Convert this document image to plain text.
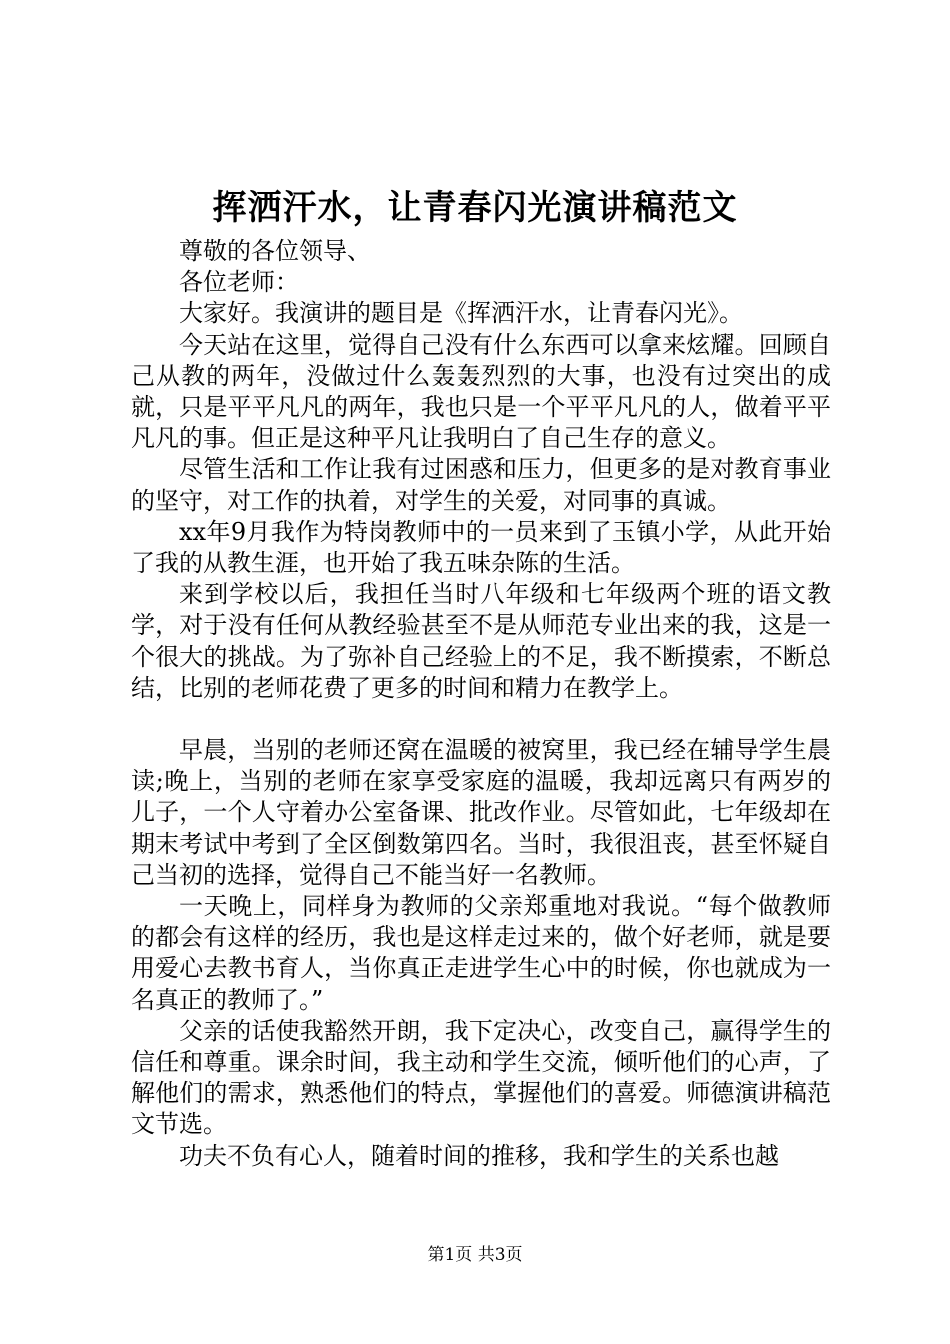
挥洒汗水，让青春闪光演讲稿范文

尊敬的各位领导、

各位老师：

大家好。我演讲的题目是《挥洒汗水，让青春闪光》。

今天站在这里，觉得自己没有什么东西可以拿来炫耀。回顾自己从教的两年，没做过什么轰轰烈烈的大事，也没有过突出的成就，只是平平凡凡的两年，我也只是一个平平凡凡的人，做着平平凡凡的事。但正是这种平凡让我明白了自己生存的意义。

尽管生活和工作让我有过困惑和压力，但更多的是对教育事业的坚守，对工作的执着，对学生的关爱，对同事的真诚。

xx年9月我作为特岗教师中的一员来到了玉镇小学，从此开始了我的从教生涯，也开始了我五味杂陈的生活。

来到学校以后，我担任当时八年级和七年级两个班的语文教学，对于没有任何从教经验甚至不是从师范专业出来的我，这是一个很大的挑战。为了弥补自己经验上的不足，我不断摸索，不断总结，比别的老师花费了更多的时间和精力在教学上。

早晨，当别的老师还窝在温暖的被窝里，我已经在辅导学生晨读;晚上，当别的老师在家享受家庭的温暖，我却远离只有两岁的儿子，一个人守着办公室备课、批改作业。尽管如此，七年级却在期末考试中考到了全区倒数第四名。当时，我很沮丧，甚至怀疑自己当初的选择，觉得自己不能当好一名教师。

一天晚上，同样身为教师的父亲郑重地对我说。“每个做教师的都会有这样的经历，我也是这样走过来的，做个好老师，就是要用爱心去教书育人，当你真正走进学生心中的时候，你也就成为一名真正的教师了。”

父亲的话使我豁然开朗，我下定决心，改变自己，赢得学生的信任和尊重。课余时间，我主动和学生交流，倾听他们的心声，了解他们的需求，熟悉他们的特点，掌握他们的喜爱。师德演讲稿范文节选。

功夫不负有心人，随着时间的推移，我和学生的关系也越

第1页 共3页
